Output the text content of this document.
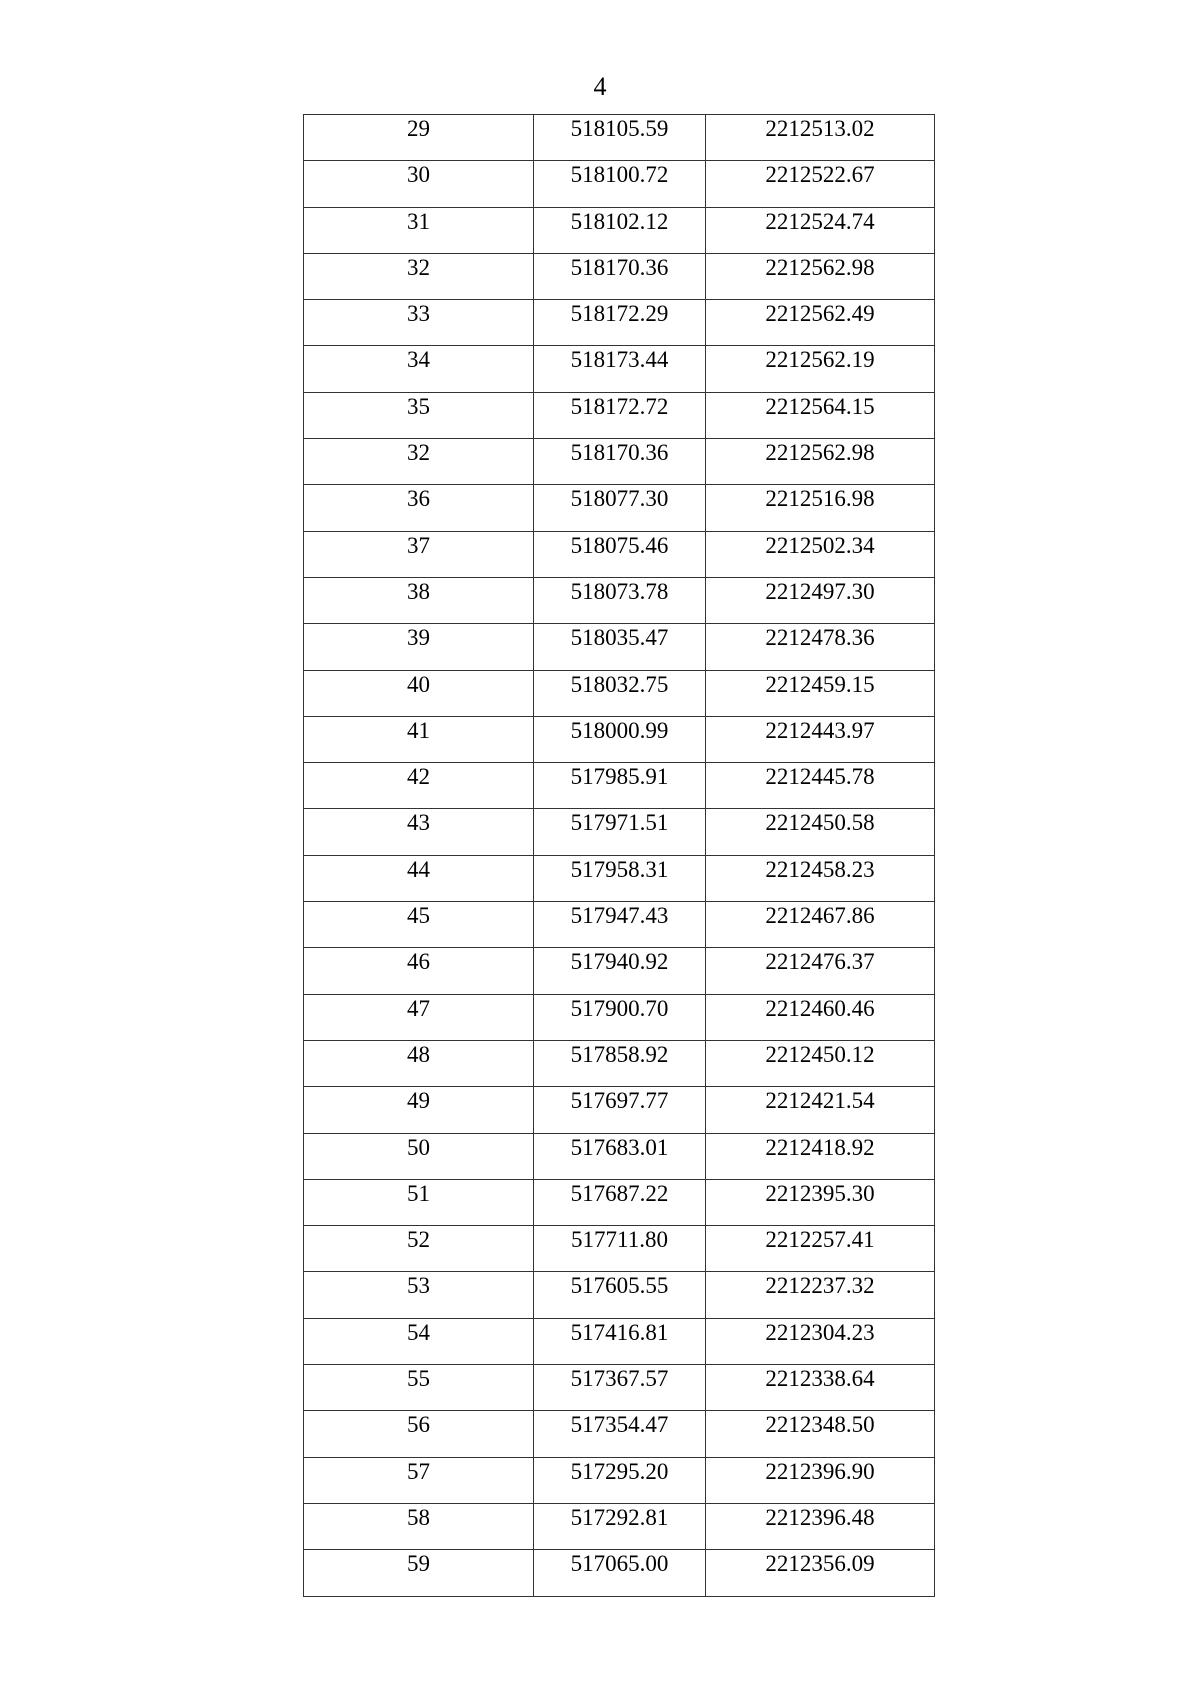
4
29	518105.59	2212513.02
30	518100.72	2212522.67
31	518102.12	2212524.74
32	518170.36	2212562.98
33	518172.29	2212562.49
34	518173.44	2212562.19
35	518172.72	2212564.15
32	518170.36	2212562.98
36	518077.30	2212516.98
37	518075.46	2212502.34
38	518073.78	2212497.30
39	518035.47	2212478.36
40	518032.75	2212459.15
41	518000.99	2212443.97
42	517985.91	2212445.78
43	517971.51	2212450.58
44	517958.31	2212458.23
45	517947.43	2212467.86
46	517940.92	2212476.37
47	517900.70	2212460.46
48	517858.92	2212450.12
49	517697.77	2212421.54
50	517683.01	2212418.92
51	517687.22	2212395.30
52	517711.80	2212257.41
53	517605.55	2212237.32
54	517416.81	2212304.23
55	517367.57	2212338.64
56	517354.47	2212348.50
57	517295.20	2212396.90
58	517292.81	2212396.48
59	517065.00	2212356.09
